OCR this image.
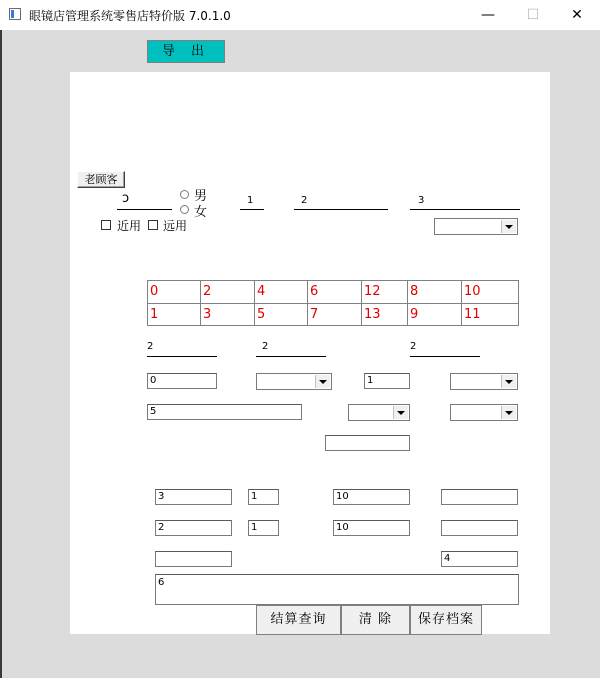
眼镜店管理系统零售店特价版 7.0.1.0	—	☐	✕
导 出
老顾客
ↄ	男
女
1	2	3
近用 远用
0	2	4	6	12	8	10
1	3	5	7	13	9	11
2	2	2
0	1
5
3	1	10
2	1	10
4
6
结算查询	清 除	保存档案
